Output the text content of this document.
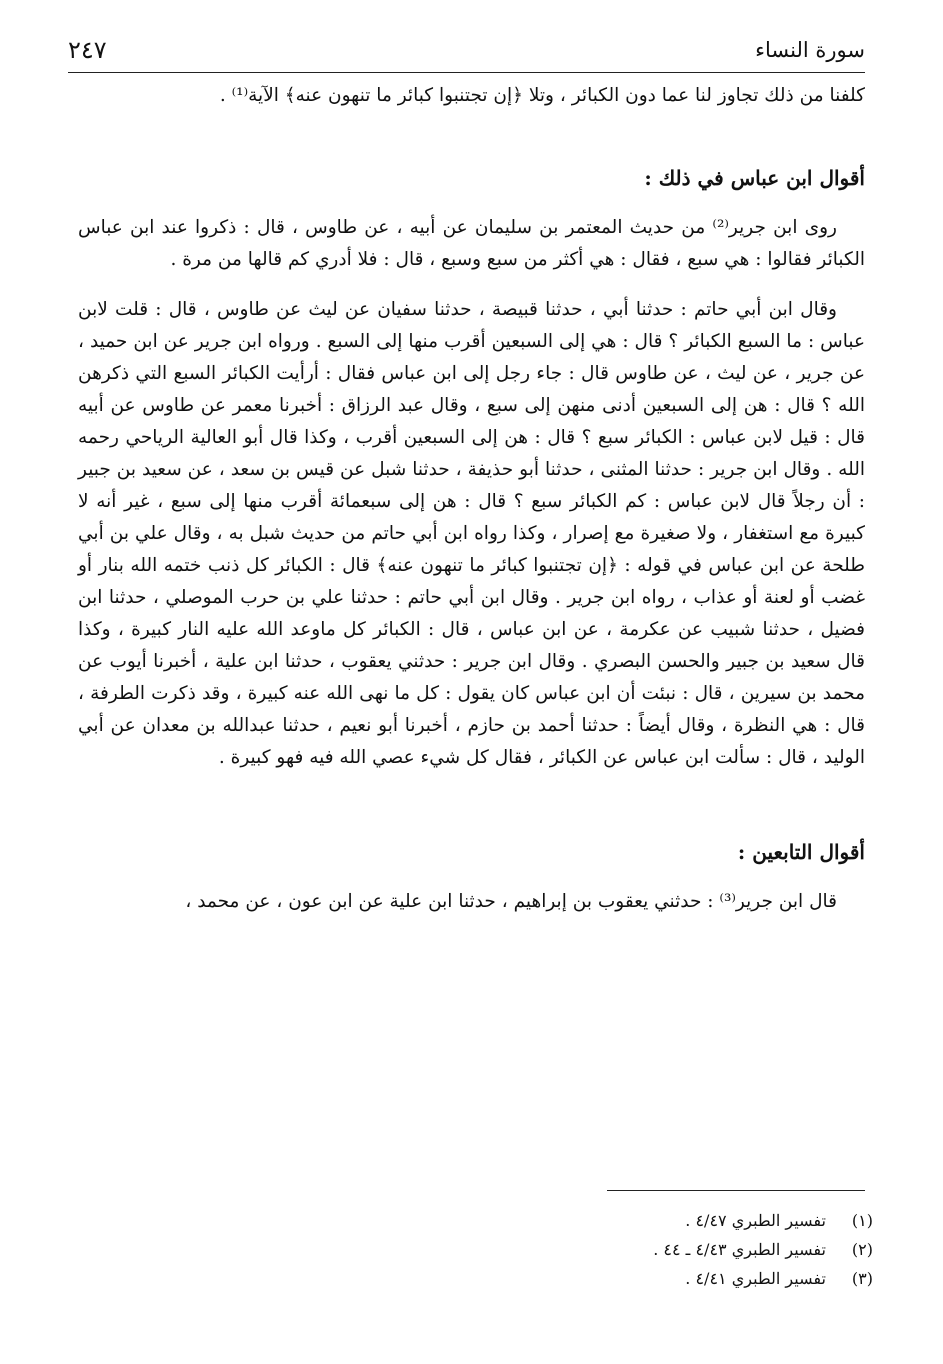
سورة النساء
٢٤٧

كلفنا من ذلك تجاوز لنا عما دون الكبائر ، وتلا ﴿إن تجتنبوا كبائر ما تنهون عنه﴾ الآية⁽¹⁾ .

أقوال ابن عباس في ذلك :

روى ابن جرير⁽²⁾ من حديث المعتمر بن سليمان عن أبيه ، عن طاوس ، قال : ذكروا عند ابن عباس الكبائر فقالوا : هي سبع ، فقال : هي أكثر من سبع وسبع ، قال : فلا أدري كم قالها من مرة .

وقال ابن أبي حاتم : حدثنا أبي ، حدثنا قبيصة ، حدثنا سفيان عن ليث عن طاوس ، قال : قلت لابن عباس : ما السبع الكبائر ؟ قال : هي إلى السبعين أقرب منها إلى السبع . ورواه ابن جرير عن ابن حميد ، عن جرير ، عن ليث ، عن طاوس قال : جاء رجل إلى ابن عباس فقال : أرأيت الكبائر السبع التي ذكرهن الله ؟ قال : هن إلى السبعين أدنى منهن إلى سبع ، وقال عبد الرزاق : أخبرنا معمر عن طاوس عن أبيه قال : قيل لابن عباس : الكبائر سبع ؟ قال : هن إلى السبعين أقرب ، وكذا قال أبو العالية الرياحي رحمه الله . وقال ابن جرير : حدثنا المثنى ، حدثنا أبو حذيفة ، حدثنا شبل عن قيس بن سعد ، عن سعيد بن جبير : أن رجلاً قال لابن عباس : كم الكبائر سبع ؟ قال : هن إلى سبعمائة أقرب منها إلى سبع ، غير أنه لا كبيرة مع استغفار ، ولا صغيرة مع إصرار ، وكذا رواه ابن أبي حاتم من حديث شبل به ، وقال علي بن أبي طلحة عن ابن عباس في قوله : ﴿إن تجتنبوا كبائر ما تنهون عنه﴾ قال : الكبائر كل ذنب ختمه الله بنار أو غضب أو لعنة أو عذاب ، رواه ابن جرير . وقال ابن أبي حاتم : حدثنا علي بن حرب الموصلي ، حدثنا ابن فضيل ، حدثنا شبيب عن عكرمة ، عن ابن عباس ، قال : الكبائر كل ماوعد الله عليه النار كبيرة ، وكذا قال سعيد بن جبير والحسن البصري . وقال ابن جرير : حدثني يعقوب ، حدثنا ابن علية ، أخبرنا أيوب عن محمد بن سيرين ، قال : نبئت أن ابن عباس كان يقول : كل ما نهى الله عنه كبيرة ، وقد ذكرت الطرفة ، قال : هي النظرة ، وقال أيضاً : حدثنا أحمد بن حازم ، أخبرنا أبو نعيم ، حدثنا عبدالله بن معدان عن أبي الوليد ، قال : سألت ابن عباس عن الكبائر ، فقال كل شيء عصي الله فيه فهو كبيرة .

أقوال التابعين :

قال ابن جرير⁽³⁾ : حدثني يعقوب بن إبراهيم ، حدثنا ابن علية عن ابن عون ، عن محمد ،

(١) تفسير الطبري ٤/٤٧ .
(٢) تفسير الطبري ٤/٤٣ ـ ٤٤ .
(٣) تفسير الطبري ٤/٤١ .
